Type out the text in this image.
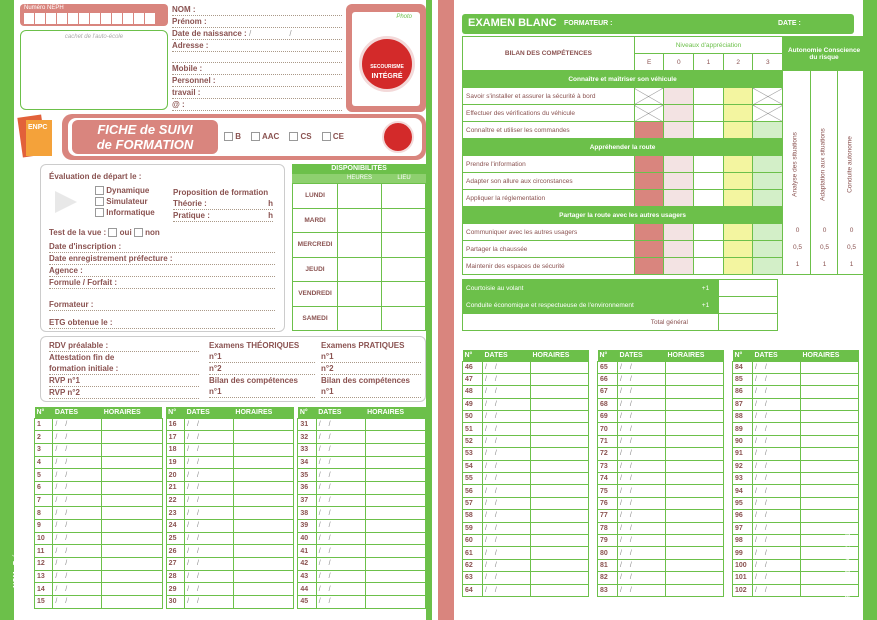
Numéro NEPH
cachet de l'auto-école
NOM :
Prénom :
Date de naissance : / /
Adresse :
Mobile :
Personnel :
travail :
@ :
Photo
SECOURISME
INTÉGRÉ
ENPC	FICHE de SUIVI
de FORMATION
B	AAC	CS	CE
Évaluation de départ le :
Dynamique
Simulateur
Informatique
Proposition de formation
Théorie :	h
Pratique :	h
Test de la vue : oui non
Date d'inscription :
Date enregistrement préfecture :
Agence :
Formule / Forfait :
Formateur :
ETG obtenue le :
DISPONIBILITÉS
HEURES	LIEU
LUNDI		
MARDI		
MERCREDI		
JEUDI		
VENDREDI		
SAMEDI		
RDV préalable :
Attestation fin de
formation initiale :
RVP n°1
RVP n°2
Examens THÉORIQUES
n°1
n°2
Bilan des compétences
n°1
Examens PRATIQUES
n°1
n°2
Bilan des compétences
n°1
NOM - Prénom
N°	DATES	HORAIRES
1	/ /	
2	/ /	
3	/ /	
4	/ /	
5	/ /	
6	/ /	
7	/ /	
8	/ /	
9	/ /	
10	/ /	
11	/ /	
12	/ /	
13	/ /	
14	/ /	
15	/ /	
N°	DATES	HORAIRES
16	/ /	
17	/ /	
18	/ /	
19	/ /	
20	/ /	
21	/ /	
22	/ /	
23	/ /	
24	/ /	
25	/ /	
26	/ /	
27	/ /	
28	/ /	
29	/ /	
30	/ /	
N°	DATES	HORAIRES
31	/ /	
32	/ /	
33	/ /	
34	/ /	
35	/ /	
36	/ /	
37	/ /	
38	/ /	
39	/ /	
40	/ /	
41	/ /	
42	/ /	
43	/ /	
44	/ /	
45	/ /	
EXAMEN BLANC FORMATEUR :	DATE :
BILAN DES COMPÉTENCES	Niveaux d'appréciation					Autonomie Conscience du risque		
	E	0	1	2	3			
Connaître et maîtriser son véhicule						Analyse des situations	Adaptation aux situations	Conduite autonome

Savoir s'installer et assurer la sécurité à bord								
Effectuer des vérifications du véhicule								
Connaître et utiliser les commandes								
Appréhender la route								
Prendre l'information								
Adapter son allure aux circonstances								
Appliquer la réglementation								
Partager la route avec les autres usagers								
Communiquer avec les autres usagers								
Partager la chaussée								
Maintenir des espaces de sécurité								
0	0	0
0,5	0,5	0,5
1	1	1
Courtoisie au volant	+1	
Conduite économique et respectueuse de l'environnement	+1	
Total général		
N°	DATES	HORAIRES
46	/ /	
47	/ /	
48	/ /	
49	/ /	
50	/ /	
51	/ /	
52	/ /	
53	/ /	
54	/ /	
55	/ /	
56	/ /	
57	/ /	
58	/ /	
59	/ /	
60	/ /	
61	/ /	
62	/ /	
63	/ /	
64	/ /	
N°	DATES	HORAIRES
65	/ /	
66	/ /	
67	/ /	
68	/ /	
69	/ /	
70	/ /	
71	/ /	
72	/ /	
73	/ /	
74	/ /	
75	/ /	
76	/ /	
77	/ /	
78	/ /	
79	/ /	
80	/ /	
81	/ /	
82	/ /	
83	/ /	
N°	DATES	HORAIRES
84	/ /	
85	/ /	
86	/ /	
87	/ /	
88	/ /	
89	/ /	
90	/ /	
91	/ /	
92	/ /	
93	/ /	
94	/ /	
95	/ /	
96	/ /	
97	/ /	
98	/ /	
99	/ /	
100	/ /	
101	/ /	
102	/ /		Réf. BI6066A-02-1117
